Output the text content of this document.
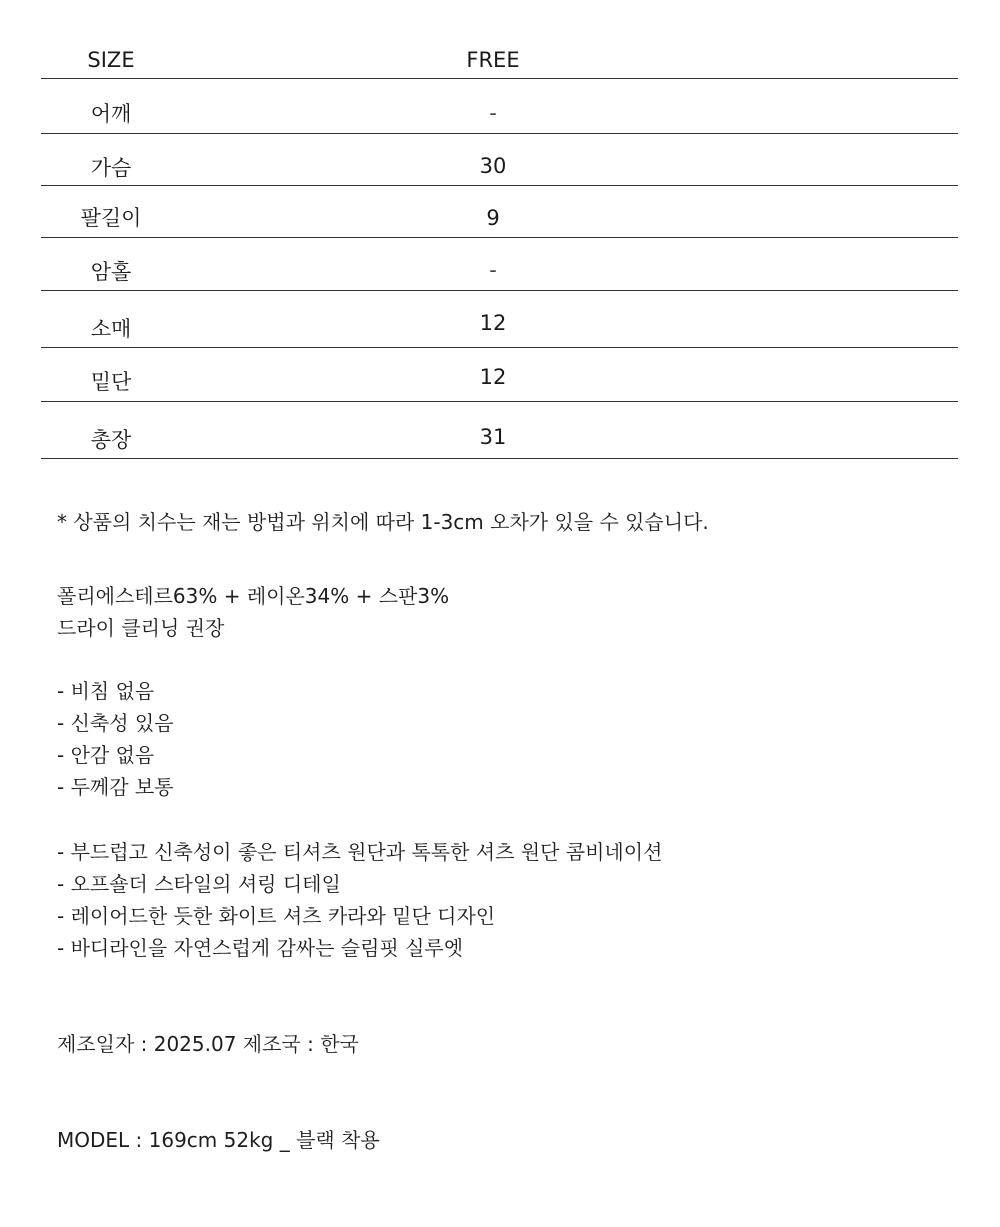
SIZE	FREE
어깨	-
가슴	30
팔길이	9
암홀	-
소매	12
밑단	12
총장	31
* 상품의 치수는 재는 방법과 위치에 따라 1-3cm 오차가 있을 수 있습니다.
폴리에스테르63% + 레이온34% + 스판3%
드라이 클리닝 권장
- 비침 없음
- 신축성 있음
- 안감 없음
- 두께감 보통
- 부드럽고 신축성이 좋은 티셔츠 원단과 톡톡한 셔츠 원단 콤비네이션
- 오프숄더 스타일의 셔링 디테일
- 레이어드한 듯한 화이트 셔츠 카라와 밑단 디자인
- 바디라인을 자연스럽게 감싸는 슬림핏 실루엣
제조일자 : 2025.07 제조국 : 한국
MODEL : 169cm 52kg _ 블랙 착용
